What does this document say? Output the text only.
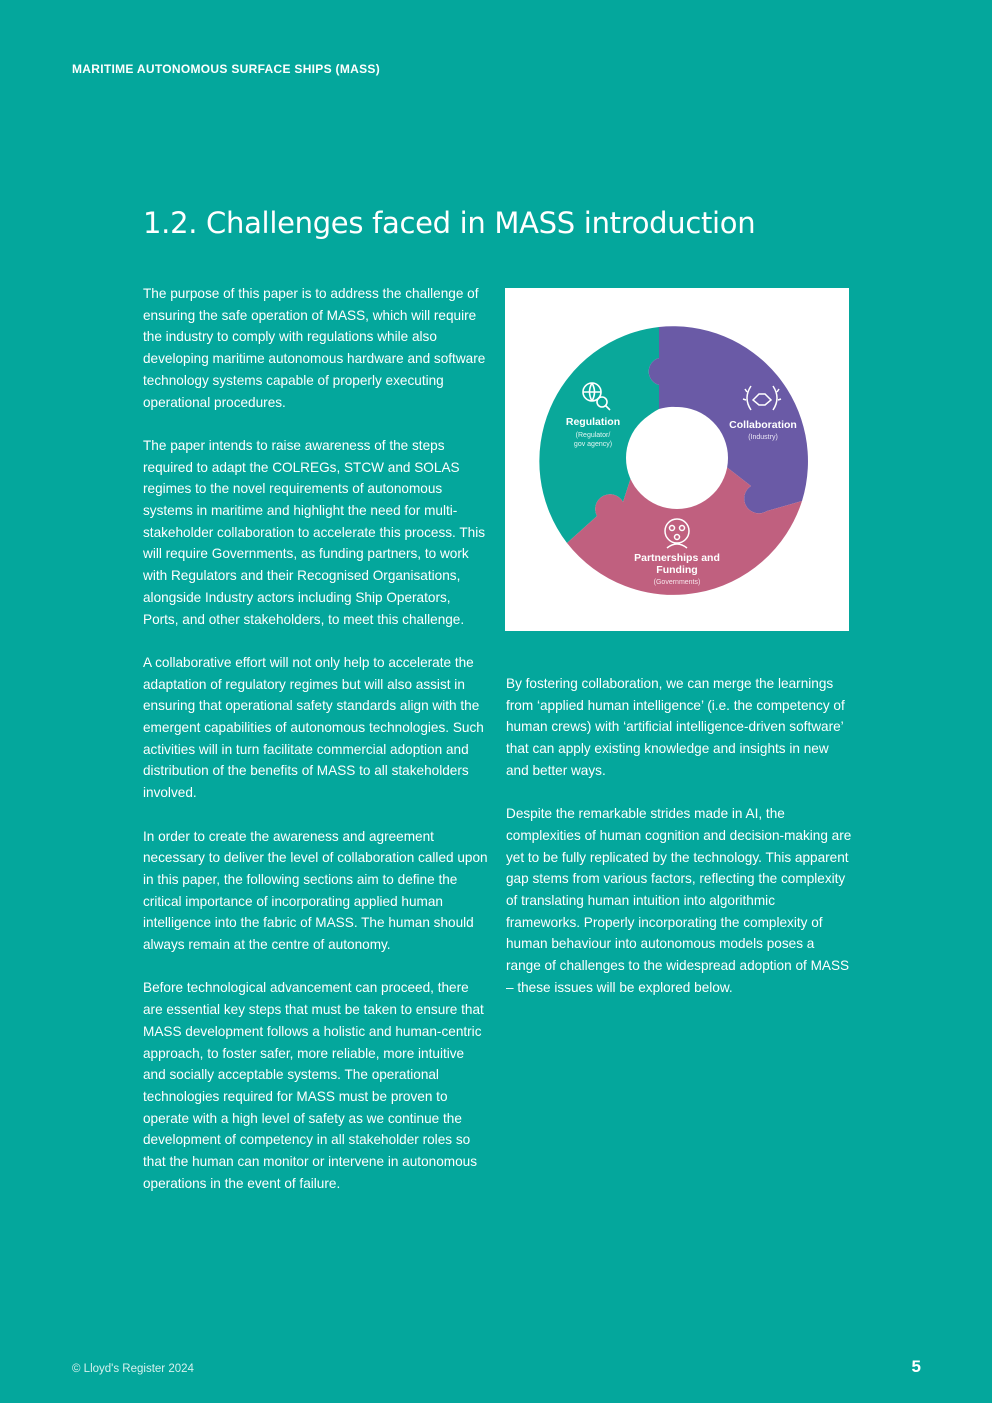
MARITIME AUTONOMOUS SURFACE SHIPS (MASS)
1.2. Challenges faced in MASS introduction

The purpose of this paper is to address the challenge of ensuring the safe operation of MASS, which will require the industry to comply with regulations while also developing maritime autonomous hardware and software technology systems capable of properly executing operational procedures.

The paper intends to raise awareness of the steps required to adapt the COLREGs, STCW and SOLAS regimes to the novel requirements of autonomous systems in maritime and highlight the need for multi-stakeholder collaboration to accelerate this process. This will require Governments, as funding partners, to work with Regulators and their Recognised Organisations, alongside Industry actors including Ship Operators, Ports, and other stakeholders, to meet this challenge.

A collaborative effort will not only help to accelerate the adaptation of regulatory regimes but will also assist in ensuring that operational safety standards align with the emergent capabilities of autonomous technologies. Such activities will in turn facilitate commercial adoption and distribution of the benefits of MASS to all stakeholders involved.

In order to create the awareness and agreement necessary to deliver the level of collaboration called upon in this paper, the following sections aim to define the critical importance of incorporating applied human intelligence into the fabric of MASS. The human should always remain at the centre of autonomy.

Before technological advancement can proceed, there are essential key steps that must be taken to ensure that MASS development follows a holistic and human-centric approach, to foster safer, more reliable, more intuitive and socially acceptable systems. The operational technologies required for MASS must be proven to operate with a high level of safety as we continue the development of competency in all stakeholder roles so that the human can monitor or intervene in autonomous operations in the event of failure.

Regulation
(Regulator/
gov agency)
Collaboration
(Industry)
Partnerships and
Funding
(Governments)

By fostering collaboration, we can merge the learnings from ‘applied human intelligence’ (i.e. the competency of human crews) with ‘artificial intelligence-driven software’ that can apply existing knowledge and insights in new and better ways.

Despite the remarkable strides made in AI, the complexities of human cognition and decision-making are yet to be fully replicated by the technology. This apparent gap stems from various factors, reflecting the complexity of translating human intuition into algorithmic frameworks. Properly incorporating the complexity of human behaviour into autonomous models poses a range of challenges to the widespread adoption of MASS – these issues will be explored below.

© Lloyd's Register 2024	5
